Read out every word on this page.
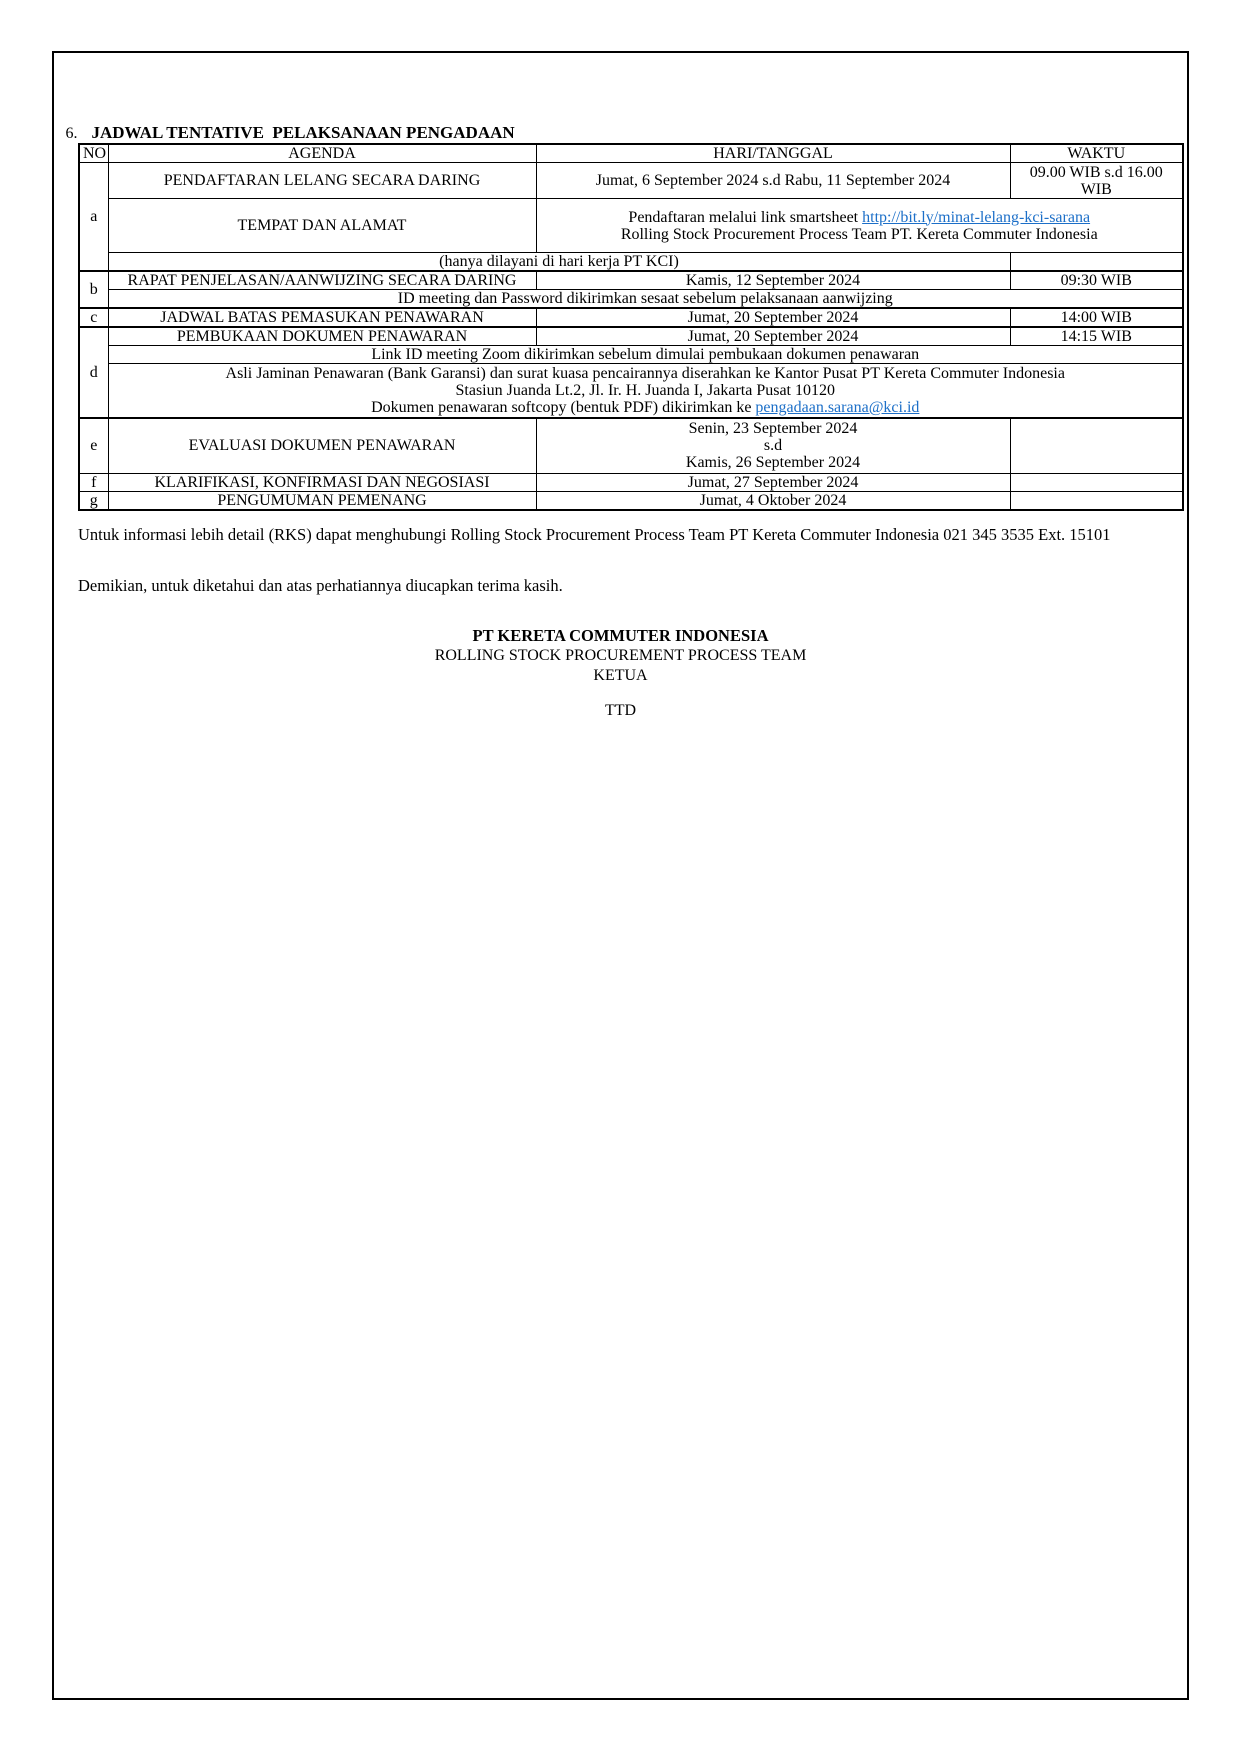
6. JADWAL TENTATIVE  PELAKSANAAN PENGADAAN

NO	AGENDA	HARI/TANGGAL	WAKTU
a	PENDAFTARAN LELANG SECARA DARING	Jumat, 6 September 2024 s.d Rabu, 11 September 2024	09.00 WIB s.d 16.00 WIB
	TEMPAT DAN ALAMAT	Pendaftaran melalui link smartsheet http://bit.ly/minat-lelang-kci-sarana
Rolling Stock Procurement Process Team PT. Kereta Commuter Indonesia	

	(hanya dilayani di hari kerja PT KCI)		
b	RAPAT PENJELASAN/AANWIJZING SECARA DARING	Kamis, 12 September 2024	09:30 WIB
	ID meeting dan Password dikirimkan sesaat sebelum pelaksanaan aanwijzing		
c	JADWAL BATAS PEMASUKAN PENAWARAN	Jumat, 20 September 2024	14:00 WIB
d	PEMBUKAAN DOKUMEN PENAWARAN	Jumat, 20 September 2024	14:15 WIB
	Link ID meeting Zoom dikirimkan sebelum dimulai pembukaan dokumen penawaran		

	Asli Jaminan Penawaran (Bank Garansi) dan surat kuasa pencairannya diserahkan ke Kantor Pusat PT Kereta Commuter Indonesia
Stasiun Juanda Lt.2, Jl. Ir. H. Juanda I, Jakarta Pusat 10120
Dokumen penawaran softcopy (bentuk PDF) dikirimkan ke pengadaan.sarana@kci.id		

e	EVALUASI DOKUMEN PENAWARAN	Senin, 23 September 2024
s.d
Kamis, 26 September 2024	

f	KLARIFIKASI, KONFIRMASI DAN NEGOSIASI	Jumat, 27 September 2024	
g	PENGUMUMAN PEMENANG	Jumat, 4 Oktober 2024	
Untuk informasi lebih detail (RKS) dapat menghubungi Rolling Stock Procurement Process Team PT Kereta Commuter Indonesia 021 345 3535 Ext. 15101
Demikian, untuk diketahui dan atas perhatiannya diucapkan terima kasih.
PT KERETA COMMUTER INDONESIA
ROLLING STOCK PROCUREMENT PROCESS TEAM
KETUA
TTD
